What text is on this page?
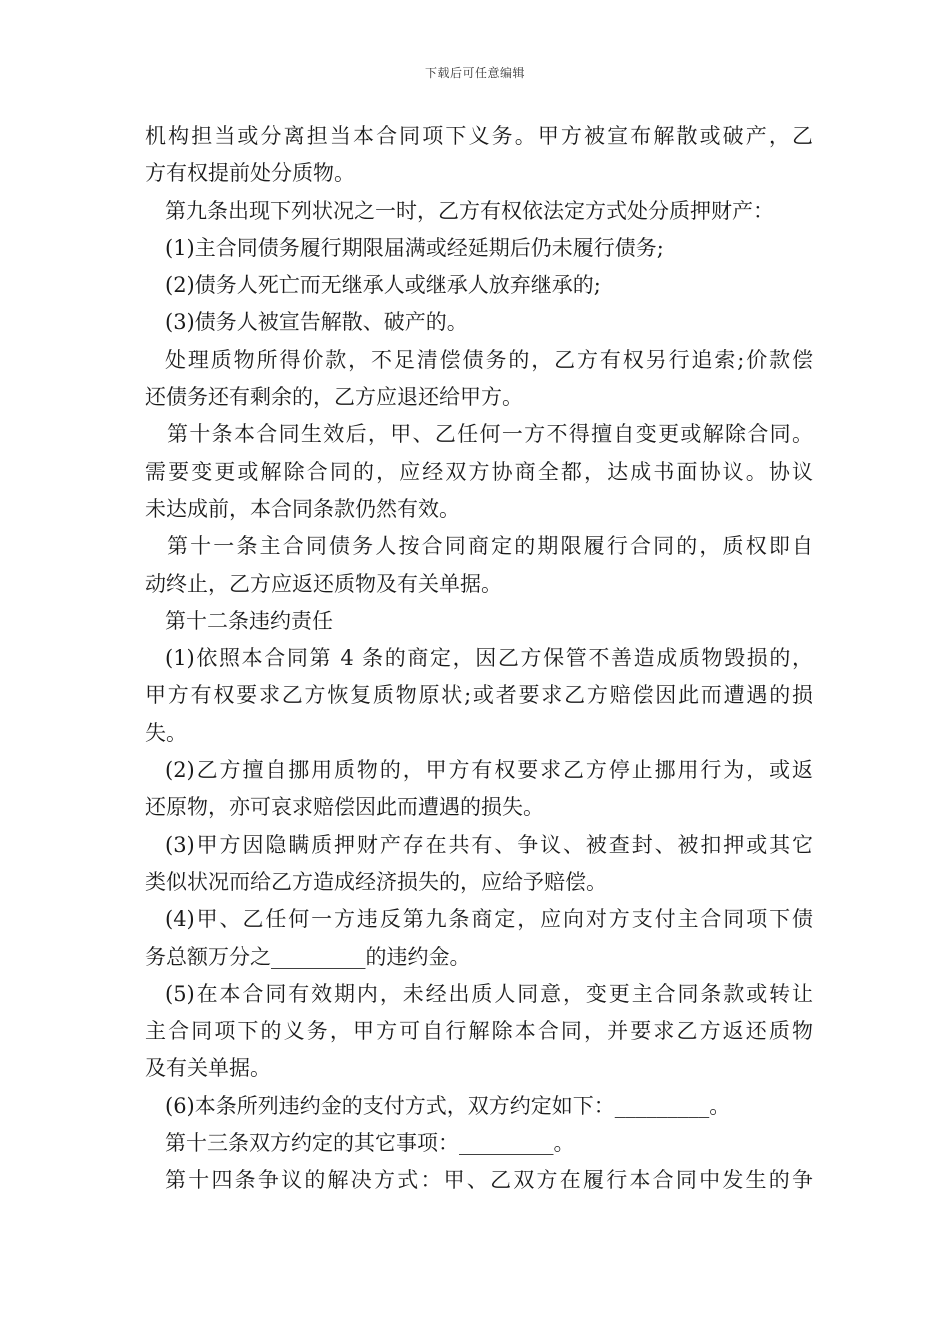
下载后可任意编辑
机构担当或分离担当本合同项下义务。甲方被宣布解散或破产，乙
方有权提前处分质物。
第九条出现下列状况之一时，乙方有权依法定方式处分质押财产：
(1)主合同债务履行期限届满或经延期后仍未履行债务;
(2)债务人死亡而无继承人或继承人放弃继承的;
(3)债务人被宣告解散、破产的。
处理质物所得价款，不足清偿债务的，乙方有权另行追索;价款偿
还债务还有剩余的，乙方应退还给甲方。
第十条本合同生效后，甲、乙任何一方不得擅自变更或解除合同。
需要变更或解除合同的，应经双方协商全都，达成书面协议。协议
未达成前，本合同条款仍然有效。
第十一条主合同债务人按合同商定的期限履行合同的，质权即自
动终止，乙方应返还质物及有关单据。
第十二条违约责任
(1)依照本合同第 4 条的商定，因乙方保管不善造成质物毁损的，
甲方有权要求乙方恢复质物原状;或者要求乙方赔偿因此而遭遇的损
失。
(2)乙方擅自挪用质物的，甲方有权要求乙方停止挪用行为，或返
还原物，亦可哀求赔偿因此而遭遇的损失。
(3)甲方因隐瞒质押财产存在共有、争议、被查封、被扣押或其它
类似状况而给乙方造成经济损失的，应给予赔偿。
(4)甲、乙任何一方违反第九条商定，应向对方支付主合同项下债
务总额万分之_________的违约金。
(5)在本合同有效期内，未经出质人同意，变更主合同条款或转让
主合同项下的义务，甲方可自行解除本合同，并要求乙方返还质物
及有关单据。
(6)本条所列违约金的支付方式，双方约定如下：_________。
第十三条双方约定的其它事项：_________。
第十四条争议的解决方式：甲、乙双方在履行本合同中发生的争
